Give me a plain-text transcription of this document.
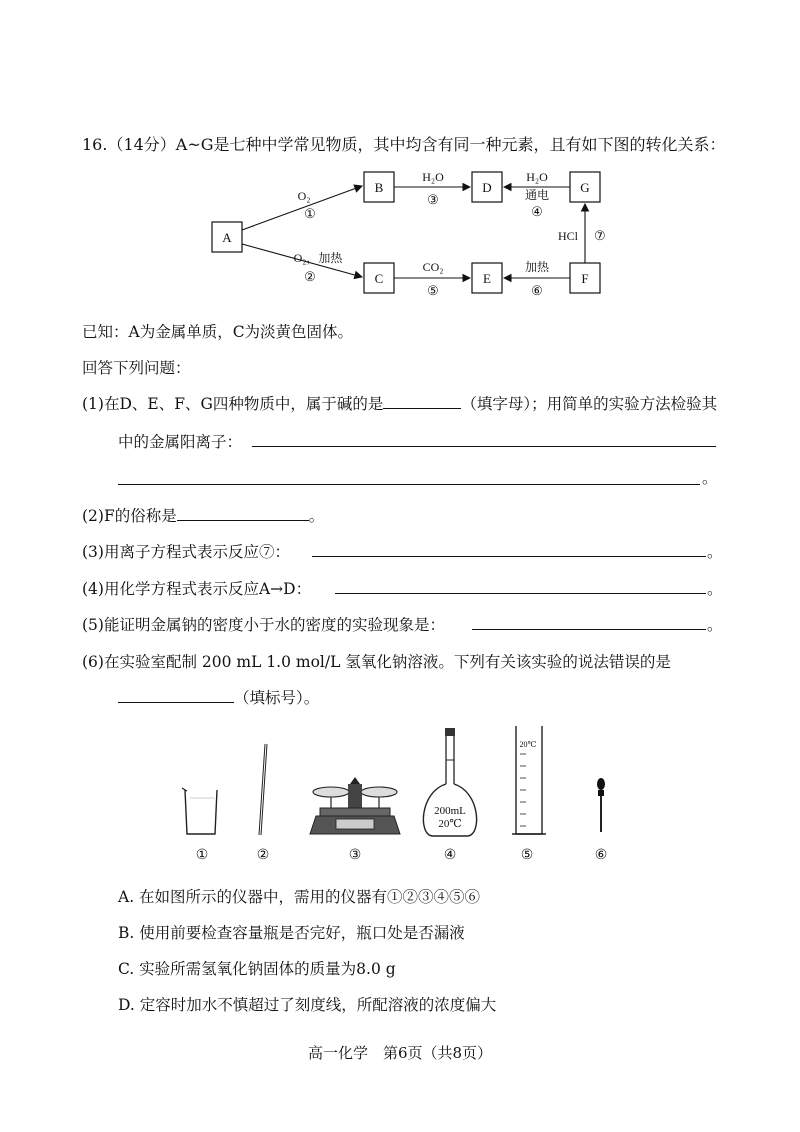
16.（14分）A~G是七种中学常见物质，其中均含有同一种元素，且有如下图的转化关系：
A
B	D	G
C	E	F
O₂
①
O₂，加热
②
H₂O
③
H₂O
通电
④
CO₂
⑤
加热
⑥
HCl ⑦
已知：A为金属单质，C为淡黄色固体。
回答下列问题：
(1)在D、E、F、G四种物质中，属于碱的是	（填字母）；用简单的实验方法检验其
中的金属阳离子：
。
(2)F的俗称是	。
(3)用离子方程式表示反应⑦：	。
(4)用化学方程式表示反应A→D：	。
(5)能证明金属钠的密度小于水的密度的实验现象是：	。
(6)在实验室配制 200 mL 1.0 mol/L 氢氧化钠溶液。下列有关该实验的说法错误的是
（填标号）。
200mL
20℃
20℃
①	②	③	④	⑤	⑥
A. 在如图所示的仪器中，需用的仪器有①②③④⑤⑥
B. 使用前要检查容量瓶是否完好，瓶口处是否漏液
C. 实验所需氢氧化钠固体的质量为8.0 g
D. 定容时加水不慎超过了刻度线，所配溶液的浓度偏大
高一化学　第6页（共8页）
